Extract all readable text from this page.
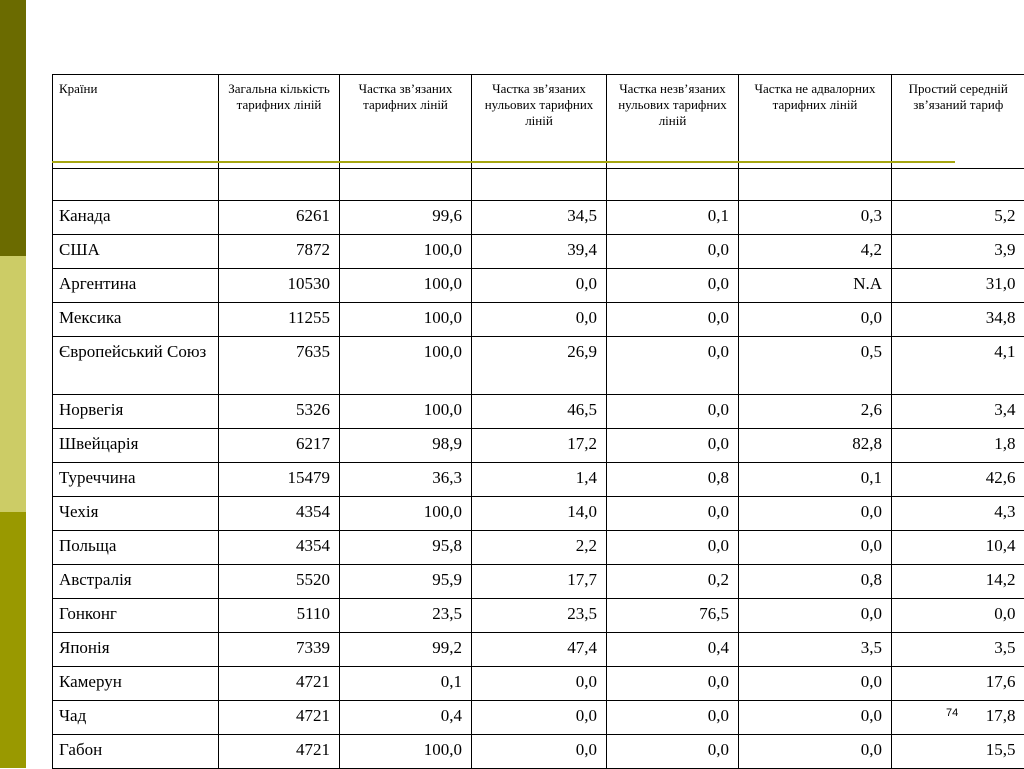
Країни	Загальна кількість тарифних ліній	Частка зв’язаних тарифних ліній	Частка зв’язаних нульових тарифних ліній	Частка незв’язаних нульових тарифних ліній	Частка не адвалорних тарифних ліній	Простий середній зв’язаний тариф

Канада	6261	99,6	34,5	0,1	0,3	5,2
США	7872	100,0	39,4	0,0	4,2	3,9
Аргентина	10530	100,0	0,0	0,0	N.A	31,0
Мексика	11255	100,0	0,0	0,0	0,0	34,8
Європейський Союз	7635	100,0	26,9	0,0	0,5	4,1
Норвегія	5326	100,0	46,5	0,0	2,6	3,4
Швейцарія	6217	98,9	17,2	0,0	82,8	1,8
Туреччина	15479	36,3	1,4	0,8	0,1	42,6
Чехія	4354	100,0	14,0	0,0	0,0	4,3
Польща	4354	95,8	2,2	0,0	0,0	10,4
Австралія	5520	95,9	17,7	0,2	0,8	14,2
Гонконг	5110	23,5	23,5	76,5	0,0	0,0
Японія	7339	99,2	47,4	0,4	3,5	3,5
Камерун	4721	0,1	0,0	0,0	0,0	17,6
Чад	4721	0,4	0,0	0,0	0,0	17,8
Габон	4721	100,0	0,0	0,0	0,0	15,5
74
